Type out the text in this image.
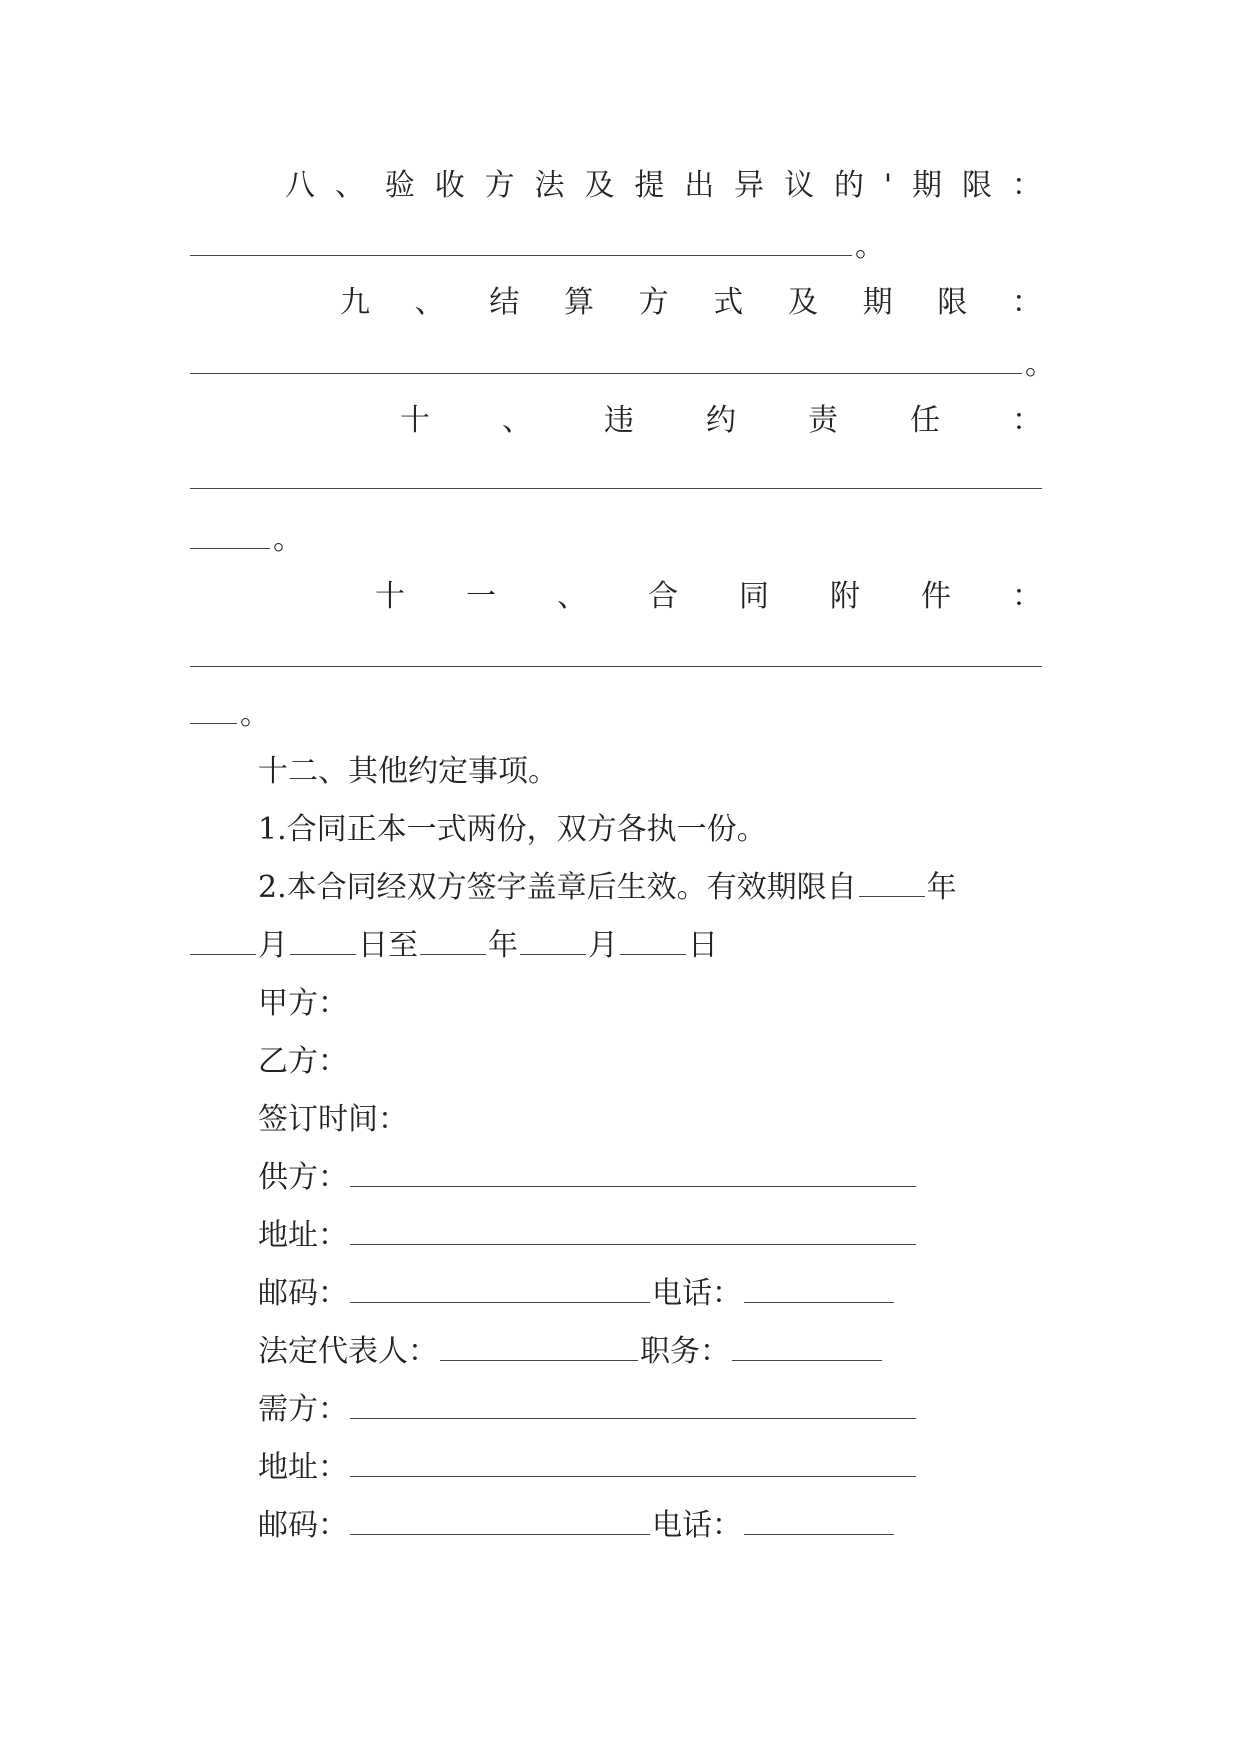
八 、 验 收 方 法 及 提 出 异 议 的 ' 期 限 ：
。
九 、 结 算 方 式 及 期 限 ：
。
十 、 违 约 责 任 ：
。
十 一 、 合 同 附 件 ：
。
十二、其他约定事项。
1.合同正本一式两份，双方各执一份。
2.本合同经双方签字盖章后生效。有效期限自 年
月 日至 年 月 日
甲方：
乙方：
签订时间：
供方：
地址：
邮码：	电话：
法定代表人：	职务：
需方：
地址：
邮码：	电话：
